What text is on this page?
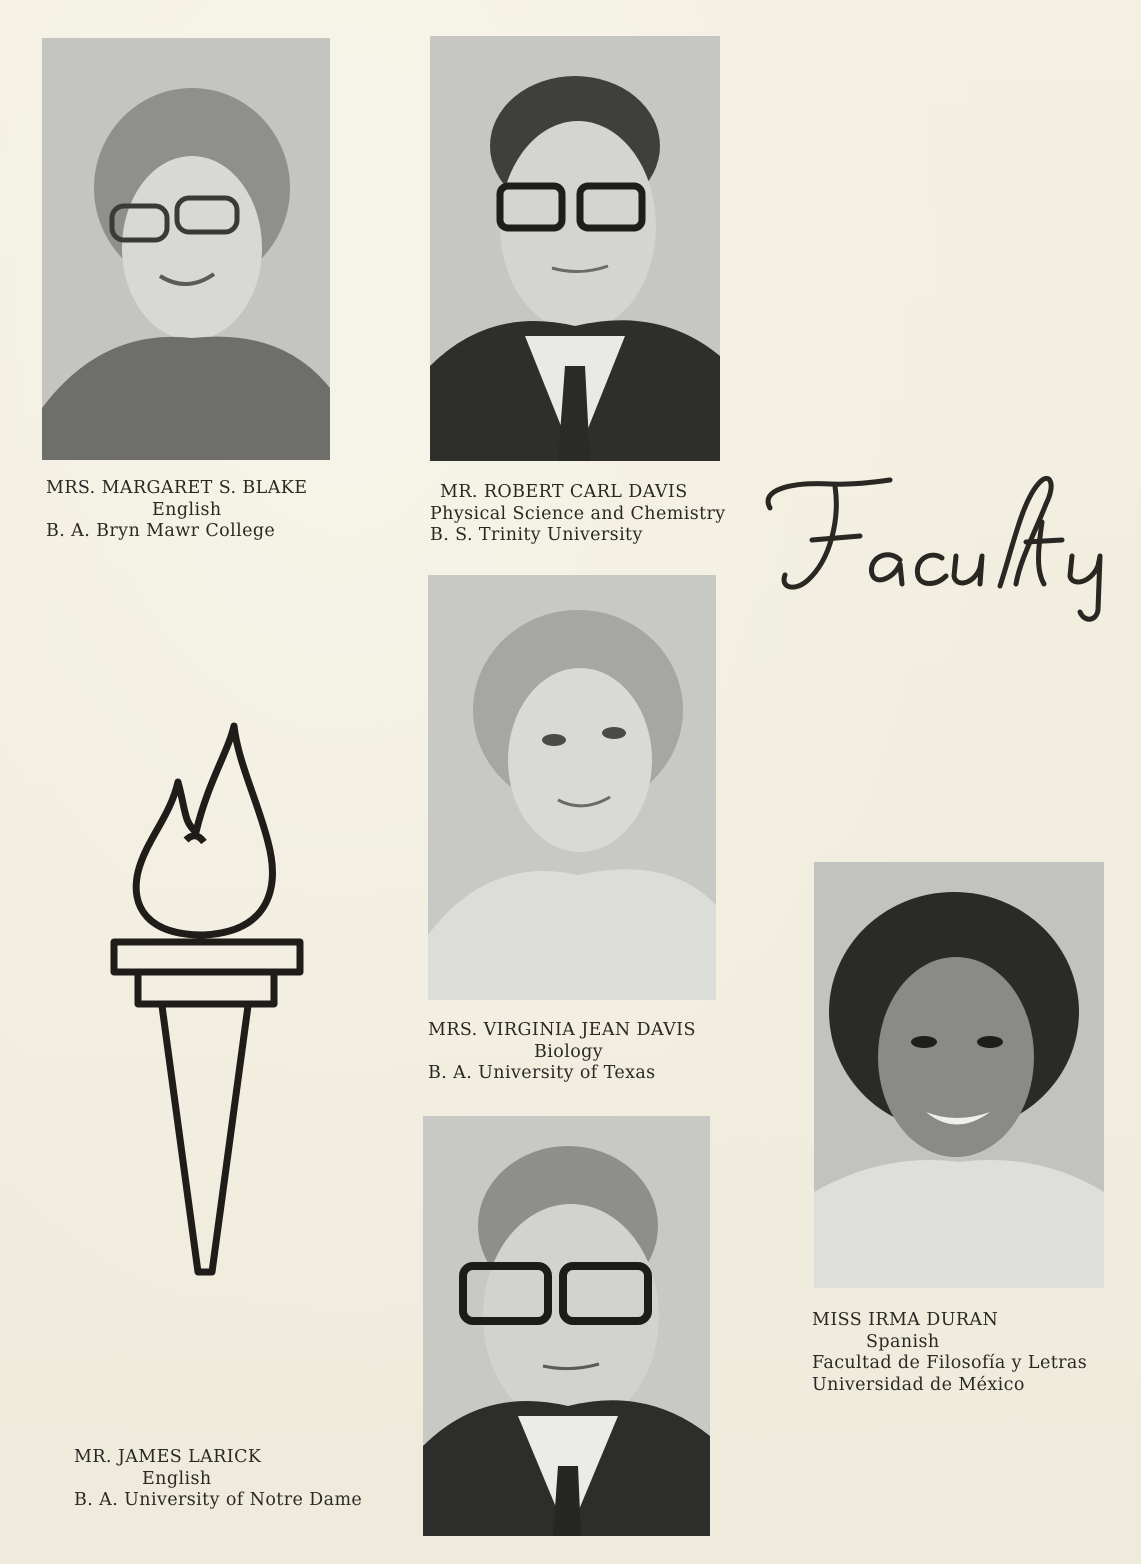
MRS. MARGARET S. BLAKE
English
B. A. Bryn Mawr College
MR. ROBERT CARL DAVIS
Physical Science and Chemistry
B. S. Trinity University
MRS. VIRGINIA JEAN DAVIS
Biology
B. A. University of Texas
MISS IRMA DURAN
Spanish
Facultad de Filosofía y Letras
Universidad de México
MR. JAMES LARICK
English
B. A. University of Notre Dame
